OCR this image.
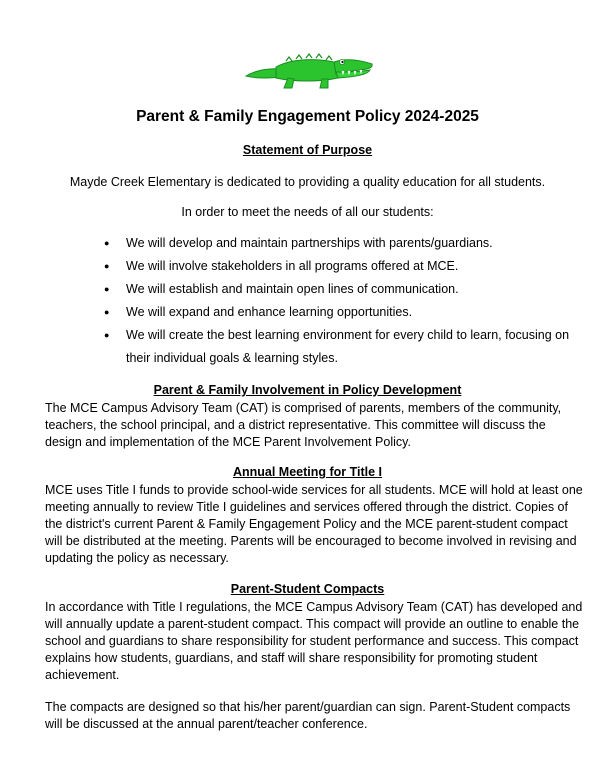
Parent & Family Engagement Policy 2024-2025
Statement of Purpose
Mayde Creek Elementary is dedicated to providing a quality education for all students.
In order to meet the needs of all our students:
● We will develop and maintain partnerships with parents/guardians.
● We will involve stakeholders in all programs offered at MCE.
● We will establish and maintain open lines of communication.
● We will expand and enhance learning opportunities.
● We will create the best learning environment for every child to learn, focusing on their individual goals & learning styles.
Parent & Family Involvement in Policy Development
The MCE Campus Advisory Team (CAT) is comprised of parents, members of the community, teachers, the school principal, and a district representative. This committee will discuss the design and implementation of the MCE Parent Involvement Policy.
Annual Meeting for Title I
MCE uses Title I funds to provide school-wide services for all students. MCE will hold at least one meeting annually to review Title I guidelines and services offered through the district. Copies of the district's current Parent & Family Engagement Policy and the MCE parent-student compact will be distributed at the meeting. Parents will be encouraged to become involved in revising and updating the policy as necessary.
Parent-Student Compacts
In accordance with Title I regulations, the MCE Campus Advisory Team (CAT) has developed and will annually update a parent-student compact. This compact will provide an outline to enable the school and guardians to share responsibility for student performance and success. This compact explains how students, guardians, and staff will share responsibility for promoting student achievement.
The compacts are designed so that his/her parent/guardian can sign. Parent-Student compacts will be discussed at the annual parent/teacher conference.
